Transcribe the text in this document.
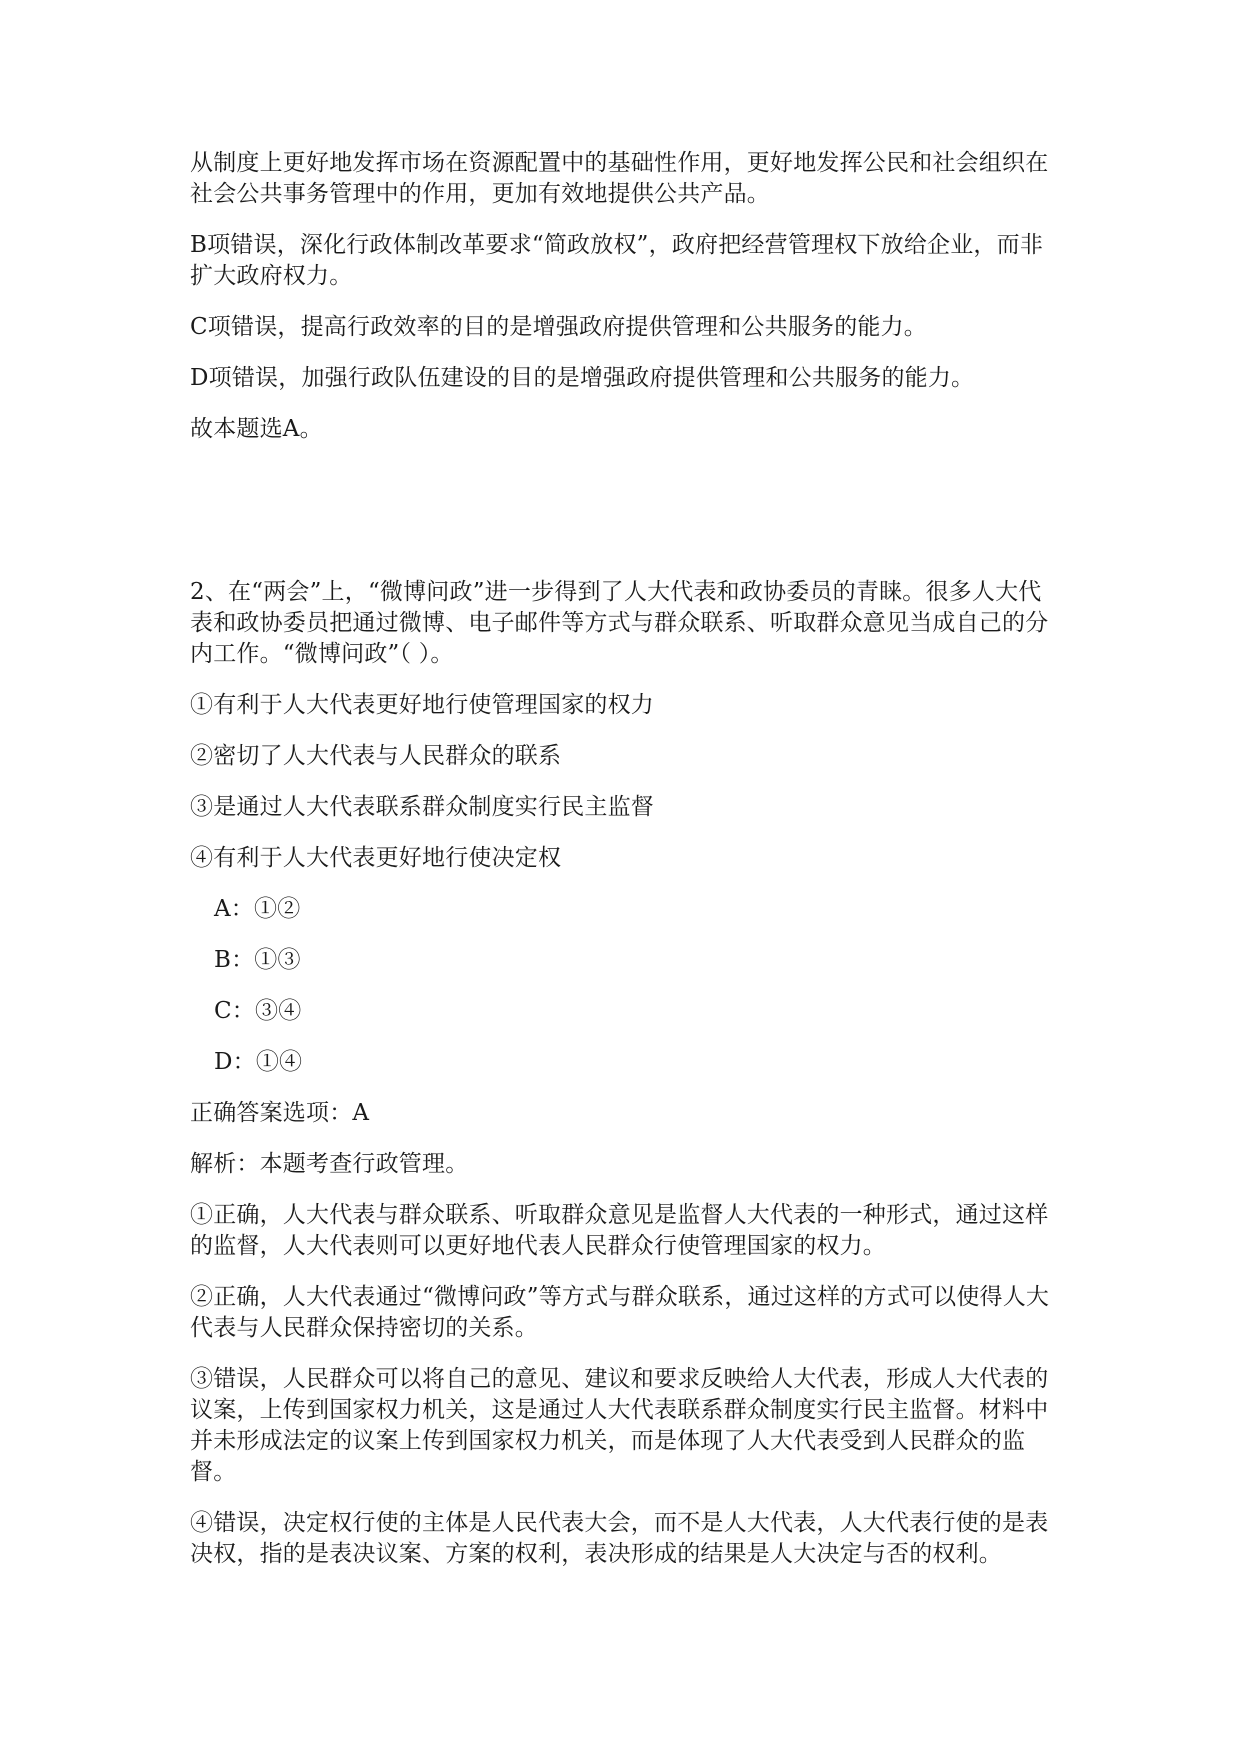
从制度上更好地发挥市场在资源配置中的基础性作用，更好地发挥公民和社会组织在社会公共事务管理中的作用，更加有效地提供公共产品。

B项错误，深化行政体制改革要求“简政放权”，政府把经营管理权下放给企业，而非扩大政府权力。

C项错误，提高行政效率的目的是增强政府提供管理和公共服务的能力。

D项错误，加强行政队伍建设的目的是增强政府提供管理和公共服务的能力。

故本题选A。

2、在“两会”上，“微博问政”进一步得到了人大代表和政协委员的青睐。很多人大代表和政协委员把通过微博、电子邮件等方式与群众联系、听取群众意见当成自己的分内工作。“微博问政”（ ）。

①有利于人大代表更好地行使管理国家的权力

②密切了人大代表与人民群众的联系

③是通过人大代表联系群众制度实行民主监督

④有利于人大代表更好地行使决定权

A：①②

B：①③

C：③④

D：①④

正确答案选项：A

解析：本题考查行政管理。

①正确，人大代表与群众联系、听取群众意见是监督人大代表的一种形式，通过这样的监督，人大代表则可以更好地代表人民群众行使管理国家的权力。

②正确，人大代表通过“微博问政”等方式与群众联系，通过这样的方式可以使得人大代表与人民群众保持密切的关系。

③错误，人民群众可以将自己的意见、建议和要求反映给人大代表，形成人大代表的议案，上传到国家权力机关，这是通过人大代表联系群众制度实行民主监督。材料中并未形成法定的议案上传到国家权力机关，而是体现了人大代表受到人民群众的监督。

④错误，决定权行使的主体是人民代表大会，而不是人大代表，人大代表行使的是表决权，指的是表决议案、方案的权利，表决形成的结果是人大决定与否的权利。
